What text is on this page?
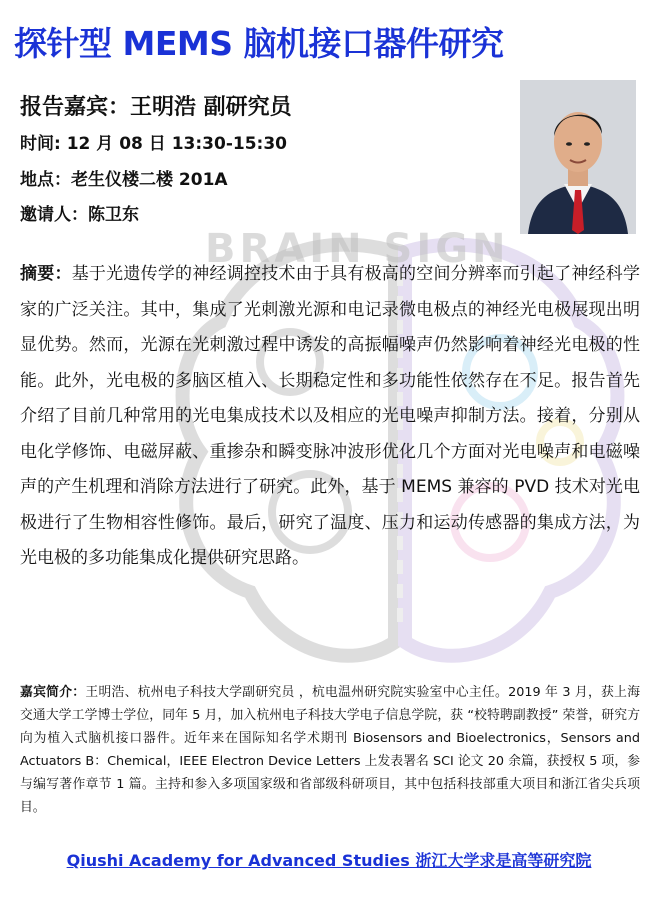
BRAIN SIGN
探针型 MEMS 脑机接口器件研究
报告嘉宾：王明浩 副研究员
时间: 12 月 08 日 13:30-15:30
地点：老生仪楼二楼 201A
邀请人：陈卫东
摘要：基于光遗传学的神经调控技术由于具有极高的空间分辨率而引起了神经科学家的广泛关注。其中，集成了光刺激光源和电记录微电极点的神经光电极展现出明显优势。然而，光源在光刺激过程中诱发的高振幅噪声仍然影响着神经光电极的性能。此外，光电极的多脑区植入、长期稳定性和多功能性依然存在不足。报告首先介绍了目前几种常用的光电集成技术以及相应的光电噪声抑制方法。接着，分别从电化学修饰、电磁屏蔽、重掺杂和瞬变脉冲波形优化几个方面对光电噪声和电磁噪声的产生机理和消除方法进行了研究。此外，基于 MEMS 兼容的 PVD 技术对光电极进行了生物相容性修饰。最后，研究了温度、压力和运动传感器的集成方法，为光电极的多功能集成化提供研究思路。
嘉宾简介：王明浩、杭州电子科技大学副研究员 ，杭电温州研究院实验室中心主任。2019 年 3 月，获上海交通大学工学博士学位，同年 5 月，加入杭州电子科技大学电子信息学院，获 “校特聘副教授” 荣誉，研究方向为植入式脑机接口器件。近年来在国际知名学术期刊 Biosensors and Bioelectronics，Sensors and Actuators B：Chemical，IEEE Electron Device Letters 上发表署名 SCI 论文 20 余篇，获授权 5 项，参与编写著作章节 1 篇。主持和参入多项国家级和省部级科研项目，其中包括科技部重大项目和浙江省尖兵项目。
Qiushi Academy for Advanced Studies 浙江大学求是高等研究院
